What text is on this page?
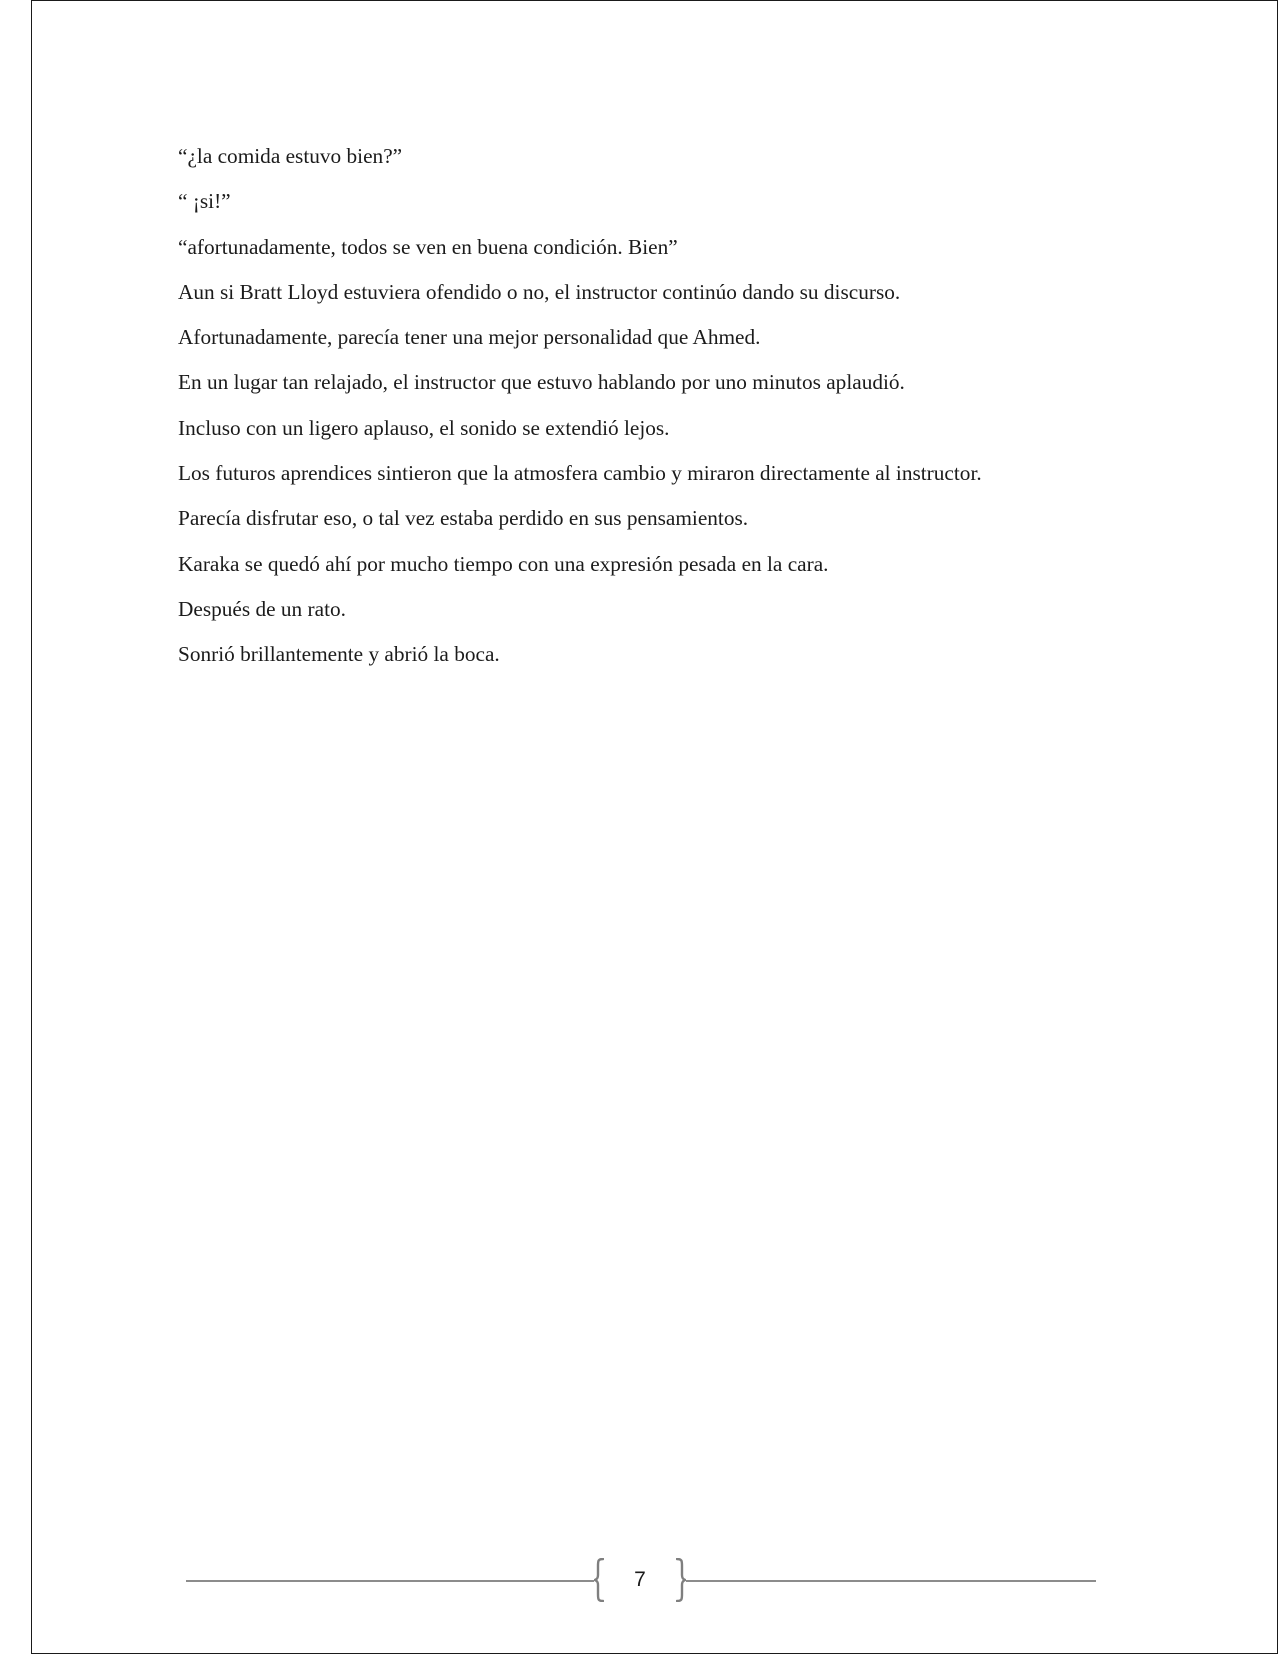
“¿la comida estuvo bien?”

“ ¡si!”

“afortunadamente, todos se ven en buena condición. Bien”

Aun si Bratt Lloyd estuviera ofendido o no, el instructor continúo dando su discurso.

Afortunadamente, parecía tener una mejor personalidad que Ahmed.

En un lugar tan relajado, el instructor que estuvo hablando por uno minutos aplaudió.

Incluso con un ligero aplauso, el sonido se extendió lejos.

Los futuros aprendices sintieron que la atmosfera cambio y miraron directamente al instructor.

Parecía disfrutar eso, o tal vez estaba perdido en sus pensamientos.

Karaka se quedó ahí por mucho tiempo con una expresión pesada en la cara.

Después de un rato.

Sonrió brillantemente y abrió la boca.

7
